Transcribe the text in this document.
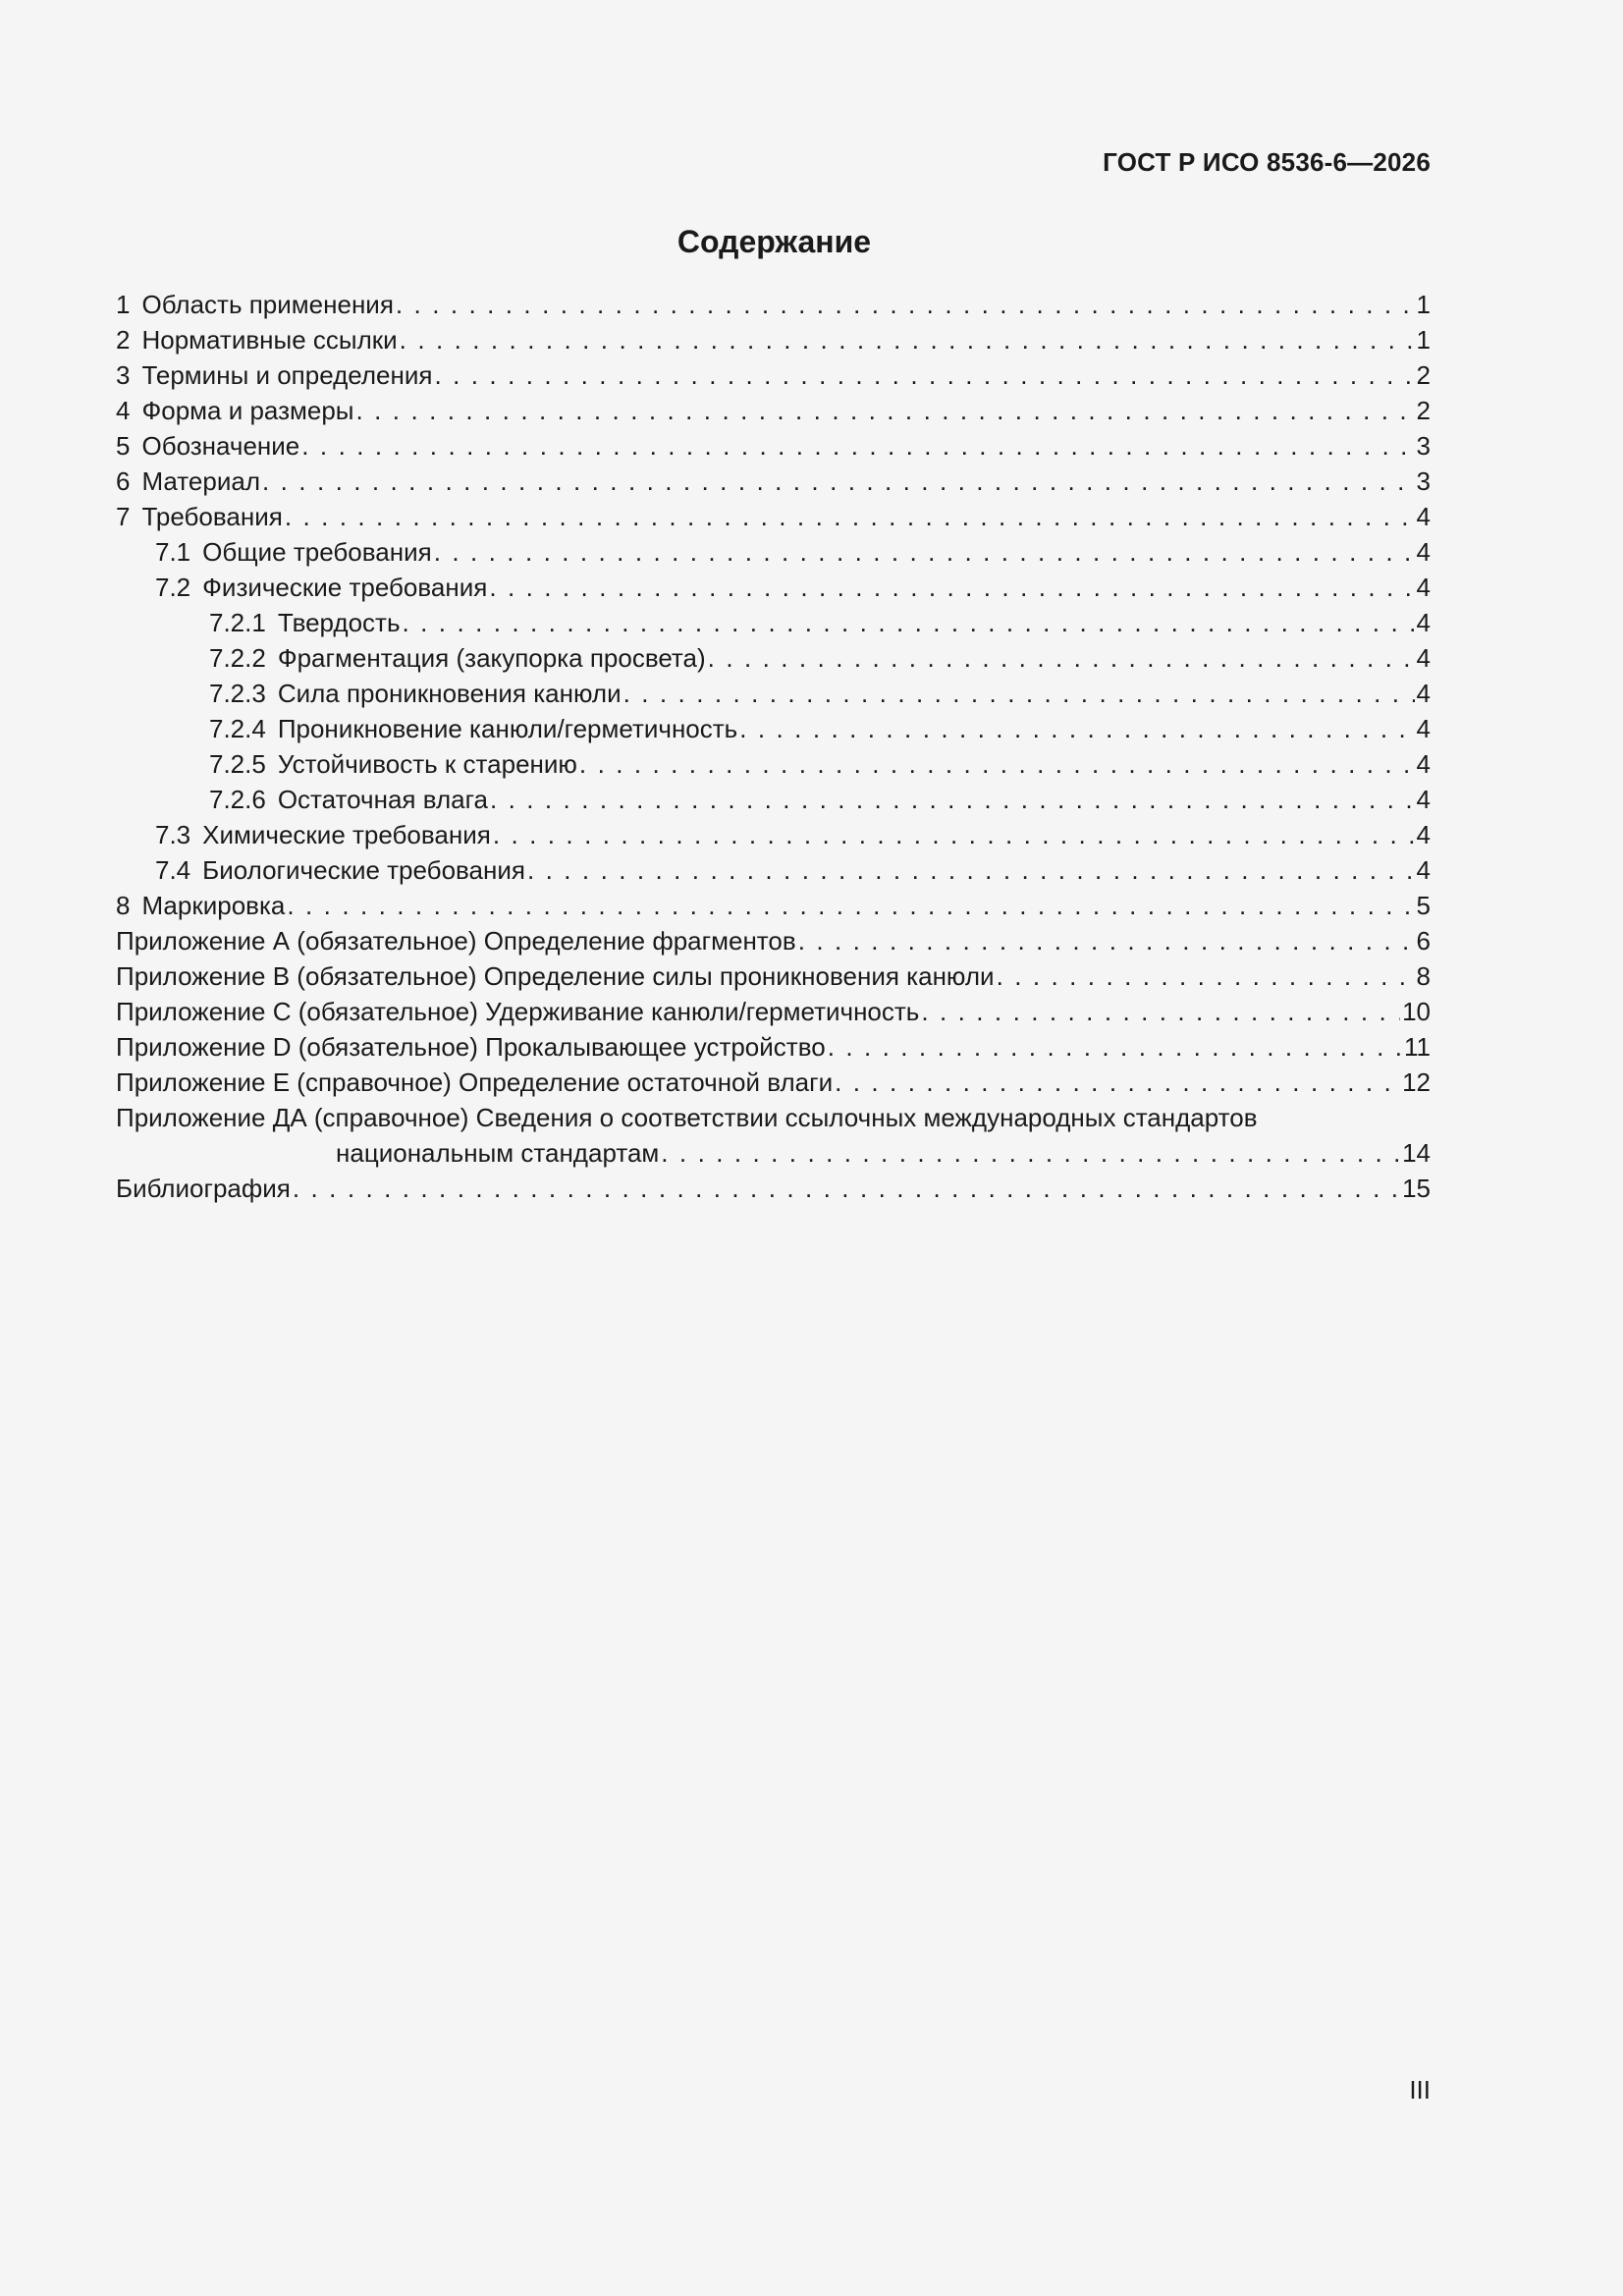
ГОСТ Р ИСО 8536-6—2026
Содержание
1 Область применения . . .	1
2 Нормативные ссылки . . .	1
3 Термины и определения . . .	2
4 Форма и размеры . . .	2
5 Обозначение . . .	3
6 Материал . . .	3
7 Требования . . .	4
7.1 Общие требования . . .	4
7.2 Физические требования . . .	4
7.2.1 Твердость . . .	4
7.2.2 Фрагментация (закупорка просвета) . . .	4
7.2.3 Сила проникновения канюли . . .	4
7.2.4 Проникновение канюли/герметичность . . .	4
7.2.5 Устойчивость к старению . . .	4
7.2.6 Остаточная влага . . .	4
7.3 Химические требования . . .	4
7.4 Биологические требования . . .	4
8 Маркировка . . .	5
Приложение А (обязательное) Определение фрагментов . . .	6
Приложение В (обязательное) Определение силы проникновения канюли . . .	8
Приложение С (обязательное) Удерживание канюли/герметичность . . .	10
Приложение D (обязательное) Прокалывающее устройство . . .	11
Приложение Е (справочное) Определение остаточной влаги . . .	12
Приложение ДА (справочное) Сведения о соответствии ссылочных международных стандартов
национальным стандартам . . .	14
Библиография . . .	15
III
